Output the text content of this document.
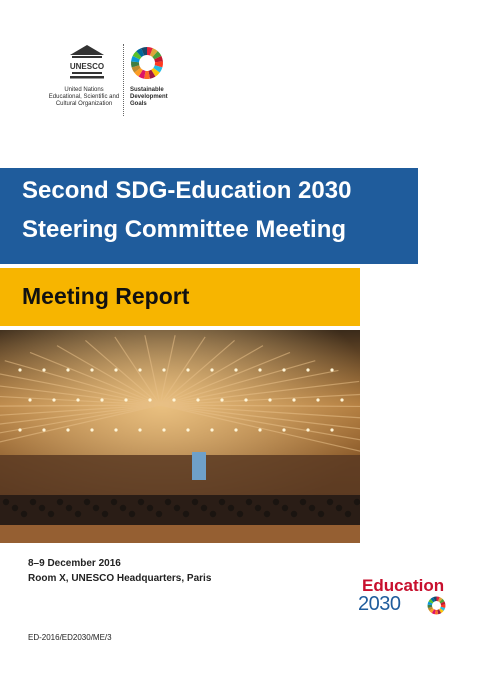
UNESCO
United Nations
Educational, Scientific and
Cultural Organization
Sustainable
Development
Goals
Second SDG-Education 2030
Steering Committee Meeting
Meeting Report
8–9 December 2016
Room X, UNESCO Headquarters, Paris	Education
2030
ED-2016/ED2030/ME/3
